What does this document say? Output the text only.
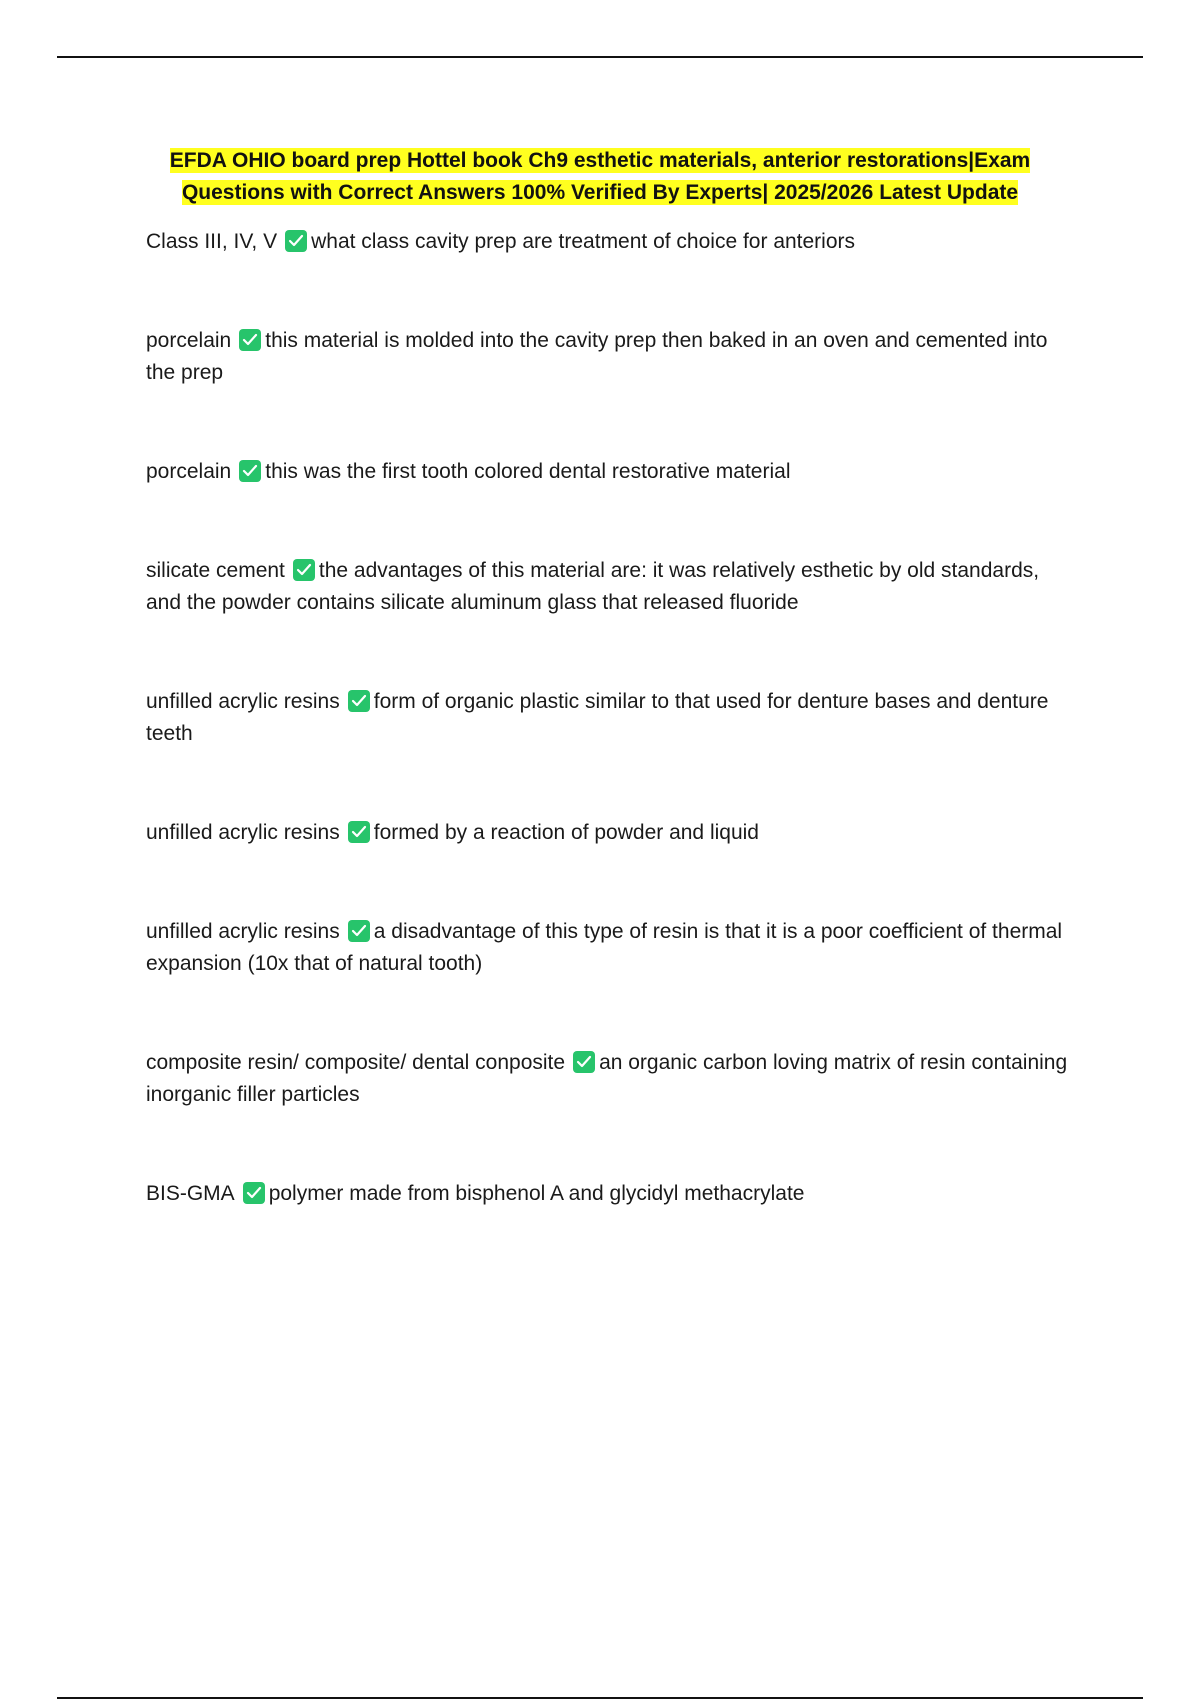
EFDA OHIO board prep Hottel book Ch9 esthetic materials, anterior restorations|Exam
Questions with Correct Answers 100% Verified By Experts| 2025/2026 Latest Update
Class III, IV, V what class cavity prep are treatment of choice for anteriors
porcelain this material is molded into the cavity prep then baked in an oven and cemented into the prep
porcelain this was the first tooth colored dental restorative material
silicate cement the advantages of this material are: it was relatively esthetic by old standards, and the powder contains silicate aluminum glass that released fluoride
unfilled acrylic resins form of organic plastic similar to that used for denture bases and denture teeth
unfilled acrylic resins formed by a reaction of powder and liquid
unfilled acrylic resins a disadvantage of this type of resin is that it is a poor coefficient of thermal expansion (10x that of natural tooth)
composite resin/ composite/ dental conposite an organic carbon loving matrix of resin containing inorganic filler particles
BIS-GMA polymer made from bisphenol A and glycidyl methacrylate
